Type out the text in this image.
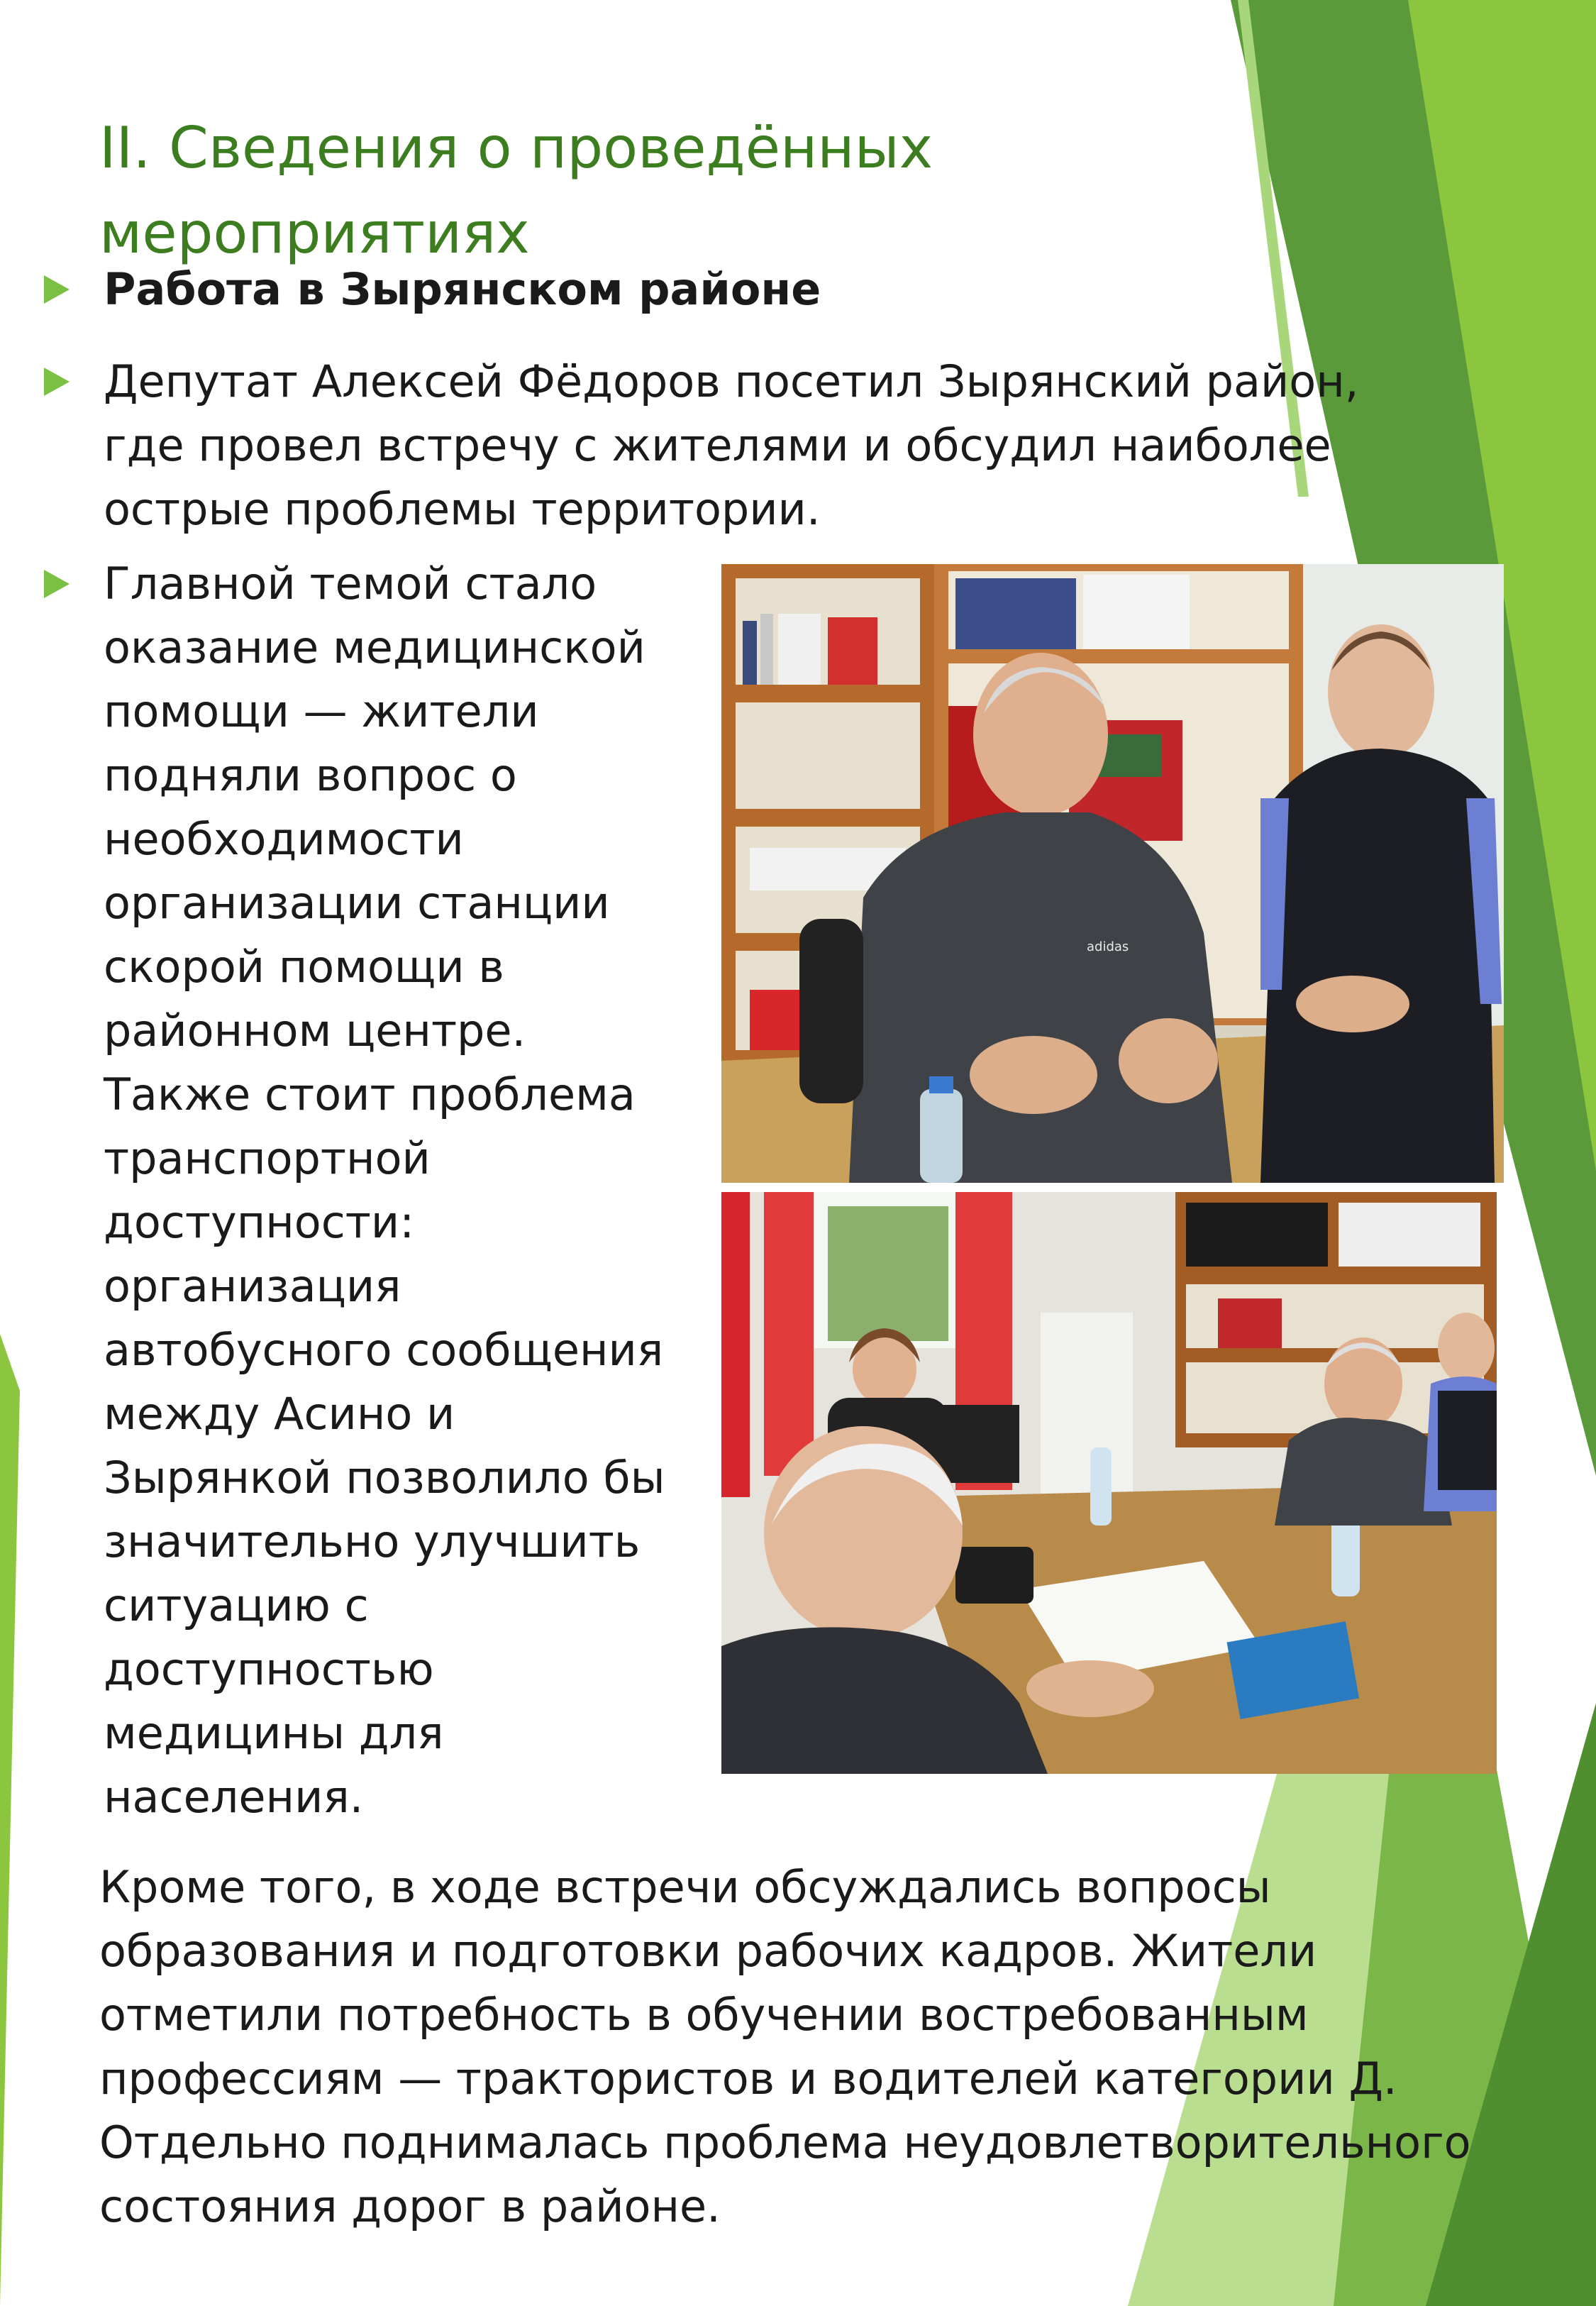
II. Сведения о проведённых
мероприятиях
Работа в Зырянском районе
Депутат Алексей Фёдоров посетил Зырянский район,
где провел встречу с жителями и обсудил наиболее
острые проблемы территории.
Главной темой стало
оказание медицинской
помощи — жители
подняли вопрос о
необходимости
организации станции
скорой помощи в
районном центре.
Также стоит проблема
транспортной
доступности:
организация
автобусного сообщения
между Асино и
Зырянкой позволило бы
значительно улучшить
ситуацию с
доступностью
медицины для
населения.
adidas
Кроме того, в ходе встречи обсуждались вопросы
образования и подготовки рабочих кадров. Жители
отметили потребность в обучении востребованным
профессиям — трактористов и водителей категории Д.
Отдельно поднималась проблема неудовлетворительного
состояния дорог в районе.
